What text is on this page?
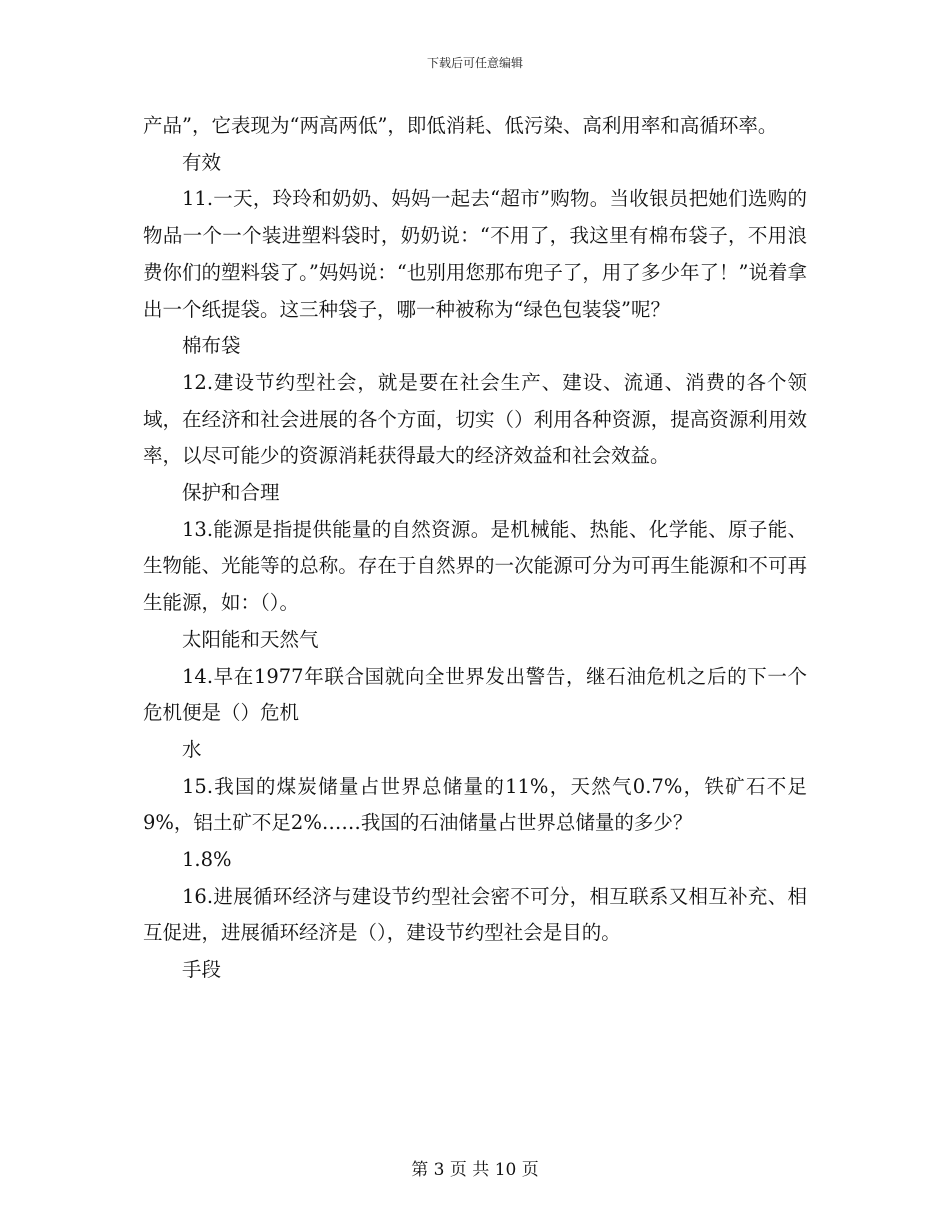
下载后可任意编辑

产品”，它表现为“两高两低”，即低消耗、低污染、高利用率和高循环率。

有效

11.一天，玲玲和奶奶、妈妈一起去“超市”购物。当收银员把她们选购的物品一个一个装进塑料袋时，奶奶说：“不用了，我这里有棉布袋子，不用浪费你们的塑料袋了。”妈妈说：“也别用您那布兜子了，用了多少年了！”说着拿出一个纸提袋。这三种袋子，哪一种被称为“绿色包装袋”呢？

棉布袋

12.建设节约型社会，就是要在社会生产、建设、流通、消费的各个领域，在经济和社会进展的各个方面，切实（）利用各种资源，提高资源利用效率，以尽可能少的资源消耗获得最大的经济效益和社会效益。

保护和合理

13.能源是指提供能量的自然资源。是机械能、热能、化学能、原子能、生物能、光能等的总称。存在于自然界的一次能源可分为可再生能源和不可再生能源，如：（）。

太阳能和天然气

14.早在1977年联合国就向全世界发出警告，继石油危机之后的下一个危机便是（）危机

水

15.我国的煤炭储量占世界总储量的11%，天然气0.7%，铁矿石不足9%，铝土矿不足2%……我国的石油储量占世界总储量的多少？

1.8%

16.进展循环经济与建设节约型社会密不可分，相互联系又相互补充、相互促进，进展循环经济是（），建设节约型社会是目的。

手段

第 3 页 共 10 页
